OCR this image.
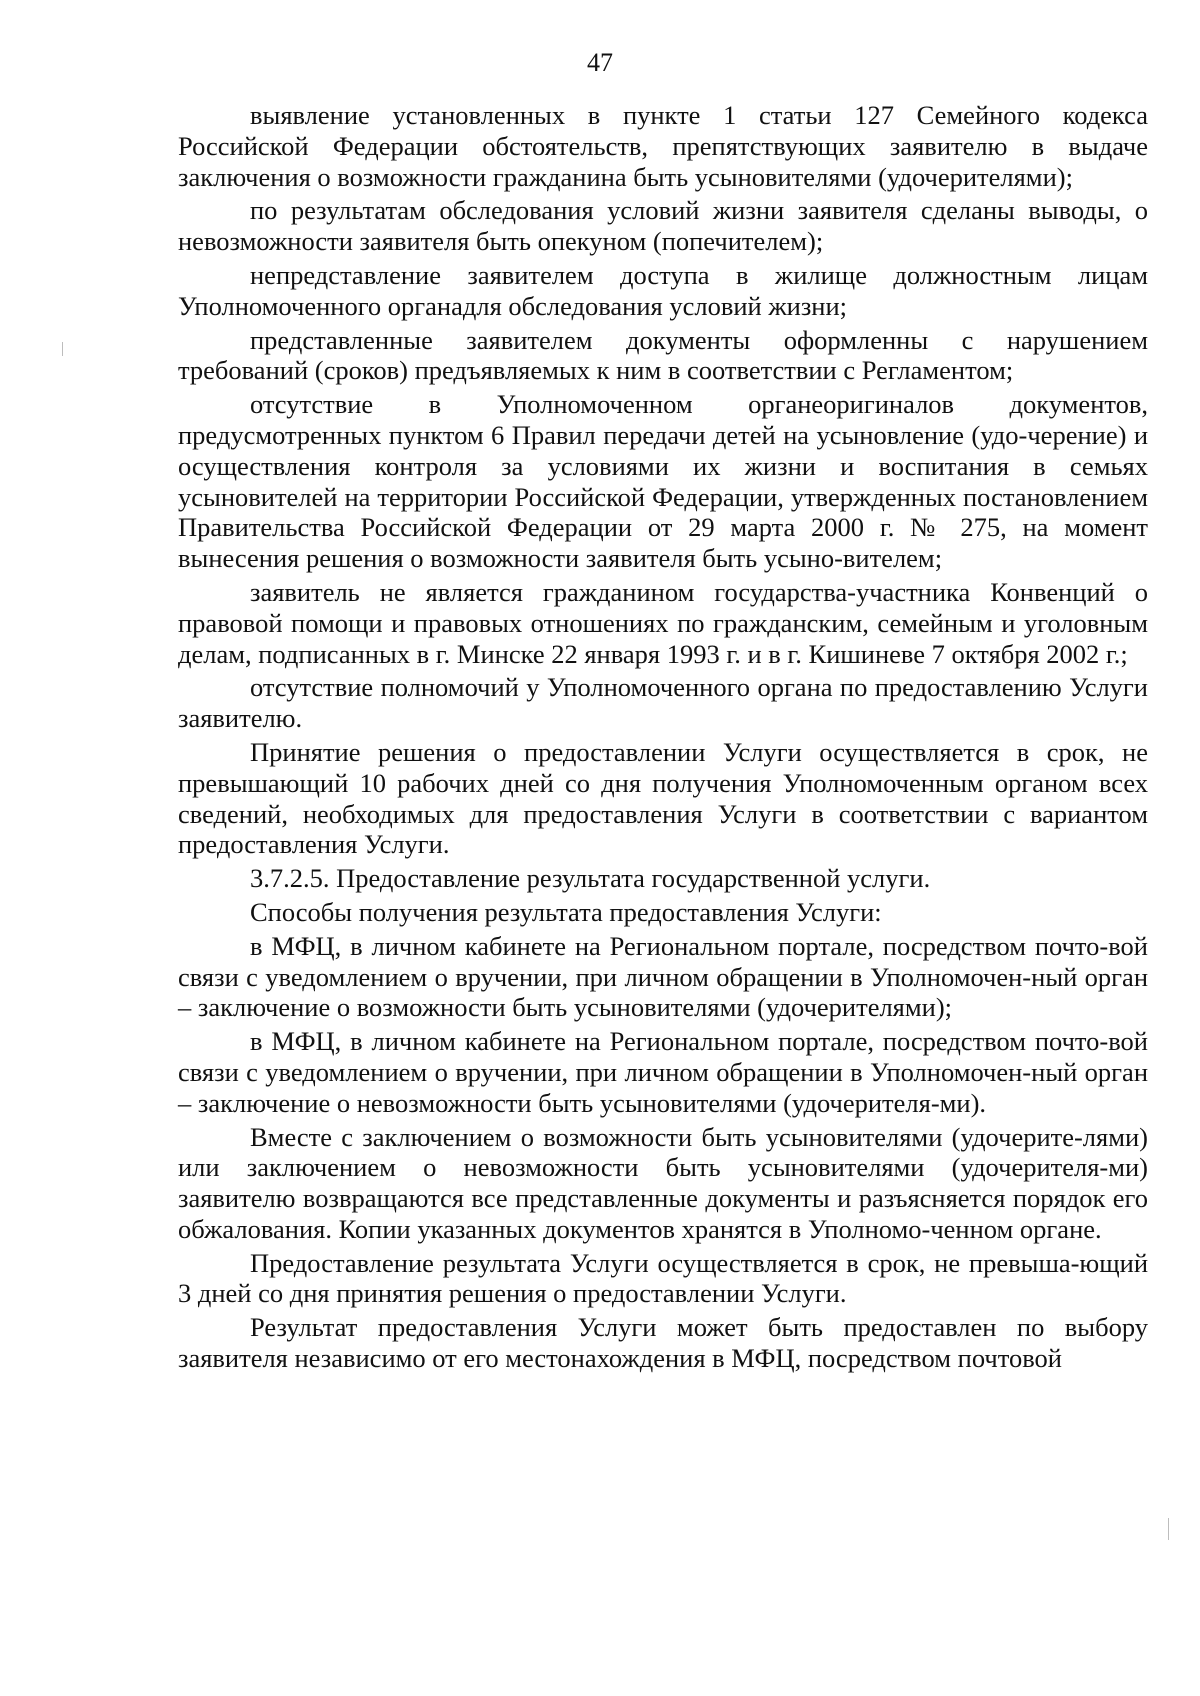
47

выявление установленных в пункте 1 статьи 127 Семейного кодекса Российской Федерации обстоятельств, препятствующих заявителю в выдаче заключения о возможности гражданина быть усыновителями (удочерителями);

по результатам обследования условий жизни заявителя сделаны выводы, о невозможности заявителя быть опекуном (попечителем);

непредставление заявителем доступа в жилище должностным лицам Уполномоченного органадля обследования условий жизни;

представленные заявителем документы оформленны с нарушением требований (сроков) предъявляемых к ним в соответствии с Регламентом;

отсутствие в Уполномоченном органеоригиналов документов, предусмотренных пунктом 6 Правил передачи детей на усыновление (удо-черение) и осуществления контроля за условиями их жизни и воспитания в семьях усыновителей на территории Российской Федерации, утвержденных постановлением Правительства Российской Федерации от 29 марта 2000 г. № 275, на момент вынесения решения о возможности заявителя быть усыно-вителем;

заявитель не является гражданином государства-участника Конвенций о правовой помощи и правовых отношениях по гражданским, семейным и уголовным делам, подписанных в г. Минске 22 января 1993 г. и в г. Кишиневе 7 октября 2002 г.;

отсутствие полномочий у Уполномоченного органа по предоставлению Услуги заявителю.

Принятие решения о предоставлении Услуги осуществляется в срок, не превышающий 10 рабочих дней со дня получения Уполномоченным органом всех сведений, необходимых для предоставления Услуги в соответствии с вариантом предоставления Услуги.

3.7.2.5. Предоставление результата государственной услуги.

Способы получения результата предоставления Услуги:

в МФЦ, в личном кабинете на Региональном портале, посредством почто-вой связи с уведомлением о вручении, при личном обращении в Уполномочен-ный орган – заключение о возможности быть усыновителями (удочерителями);

в МФЦ, в личном кабинете на Региональном портале, посредством почто-вой связи с уведомлением о вручении, при личном обращении в Уполномочен-ный орган – заключение о невозможности быть усыновителями (удочерителя-ми).

Вместе с заключением о возможности быть усыновителями (удочерите-лями) или заключением о невозможности быть усыновителями (удочерителя-ми) заявителю возвращаются все представленные документы и разъясняется порядок его обжалования. Копии указанных документов хранятся в Уполномо-ченном органе.

Предоставление результата Услуги осуществляется в срок, не превыша-ющий 3 дней со дня принятия решения о предоставлении Услуги.

Результат предоставления Услуги может быть предоставлен по выбору заявителя независимо от его местонахождения в МФЦ, посредством почтовой
